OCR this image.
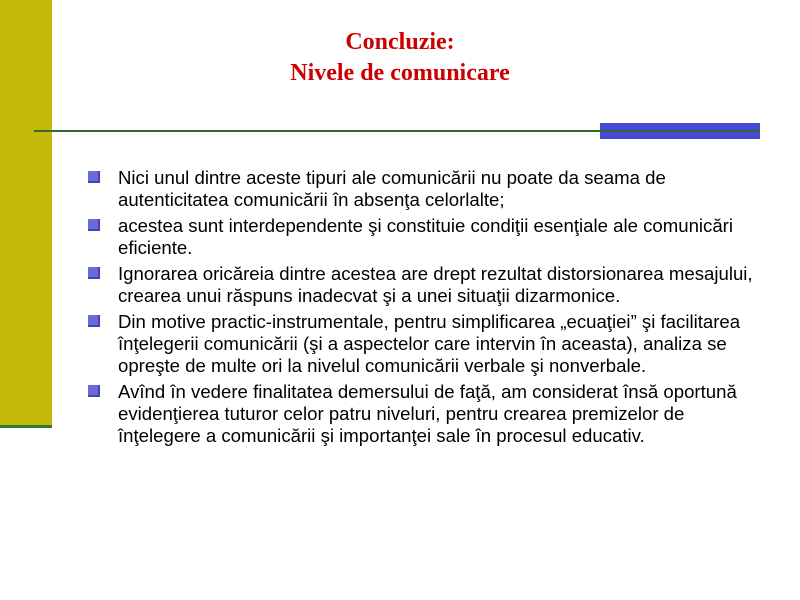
Concluzie:
Nivele de comunicare
Nici unul dintre aceste tipuri ale comunicării nu poate da seama de autenticitatea comunicării în absenţa celorlalte;
acestea sunt interdependente şi constituie condiţii esenţiale ale comunicări eficiente.
Ignorarea oricăreia dintre acestea are drept rezultat distorsionarea mesajului, crearea unui răspuns inadecvat şi a unei situaţii dizarmonice.
Din motive practic-instrumentale, pentru simplificarea „ecuaţiei” şi facilitarea înţelegerii comunicării (şi a aspectelor care intervin în aceasta), analiza se opreşte de multe ori la nivelul comunicării verbale şi nonverbale.
Avînd în vedere finalitatea demersului de faţă, am considerat însă oportună evidenţierea tuturor celor patru niveluri, pentru crearea premizelor de înţelegere a comunicării şi importanţei sale în procesul educativ.
